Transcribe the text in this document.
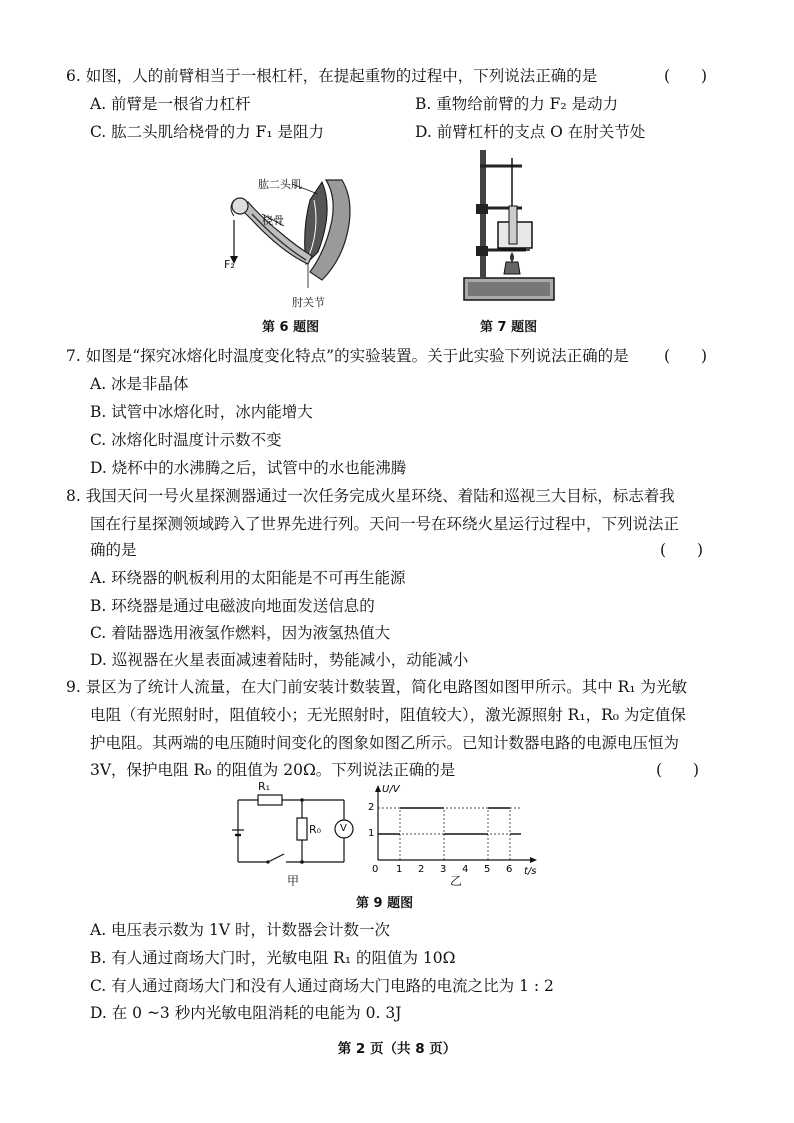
6. 如图，人的前臂相当于一根杠杆，在提起重物的过程中，下列说法正确的是	(　　)
A. 前臂是一根省力杠杆	B. 重物给前臂的力 F₂ 是动力
C. 肱二头肌给桡骨的力 F₁ 是阻力	D. 前臂杠杆的支点 O 在肘关节处
肱二头肌
桡骨
F₂
肘关节
第 6 题图	第 7 题图
7. 如图是“探究冰熔化时温度变化特点”的实验装置。关于此实验下列说法正确的是 (　　)
A. 冰是非晶体
B. 试管中冰熔化时，冰内能增大
C. 冰熔化时温度计示数不变
D. 烧杯中的水沸腾之后，试管中的水也能沸腾
8. 我国天问一号火星探测器通过一次任务完成火星环绕、着陆和巡视三大目标，标志着我
国在行星探测领域跨入了世界先进行列。天问一号在环绕火星运行过程中，下列说法正
确的是	(　　)
A. 环绕器的帆板利用的太阳能是不可再生能源
B. 环绕器是通过电磁波向地面发送信息的
C. 着陆器选用液氢作燃料，因为液氢热值大
D. 巡视器在火星表面减速着陆时，势能减小，动能减小
9. 景区为了统计人流量，在大门前安装计数装置，简化电路图如图甲所示。其中 R₁ 为光敏
电阻（有光照射时，阻值较小；无光照射时，阻值较大），激光源照射 R₁，R₀ 为定值保
护电阻。其两端的电压随时间变化的图象如图乙所示。已知计数器电路的电源电压恒为
3V，保护电阻 R₀ 的阻值为 20Ω。下列说法正确的是	(　　)
R₁
R₀ V
甲
U/V
t/s
2
1
0 1 2 3 4 5 6
乙
第 9 题图
A. 电压表示数为 1V 时，计数器会计数一次
B. 有人通过商场大门时，光敏电阻 R₁ 的阻值为 10Ω
C. 有人通过商场大门和没有人通过商场大门电路的电流之比为 1 : 2
D. 在 0 ~3 秒内光敏电阻消耗的电能为 0. 3J
第 2 页（共 8 页）
